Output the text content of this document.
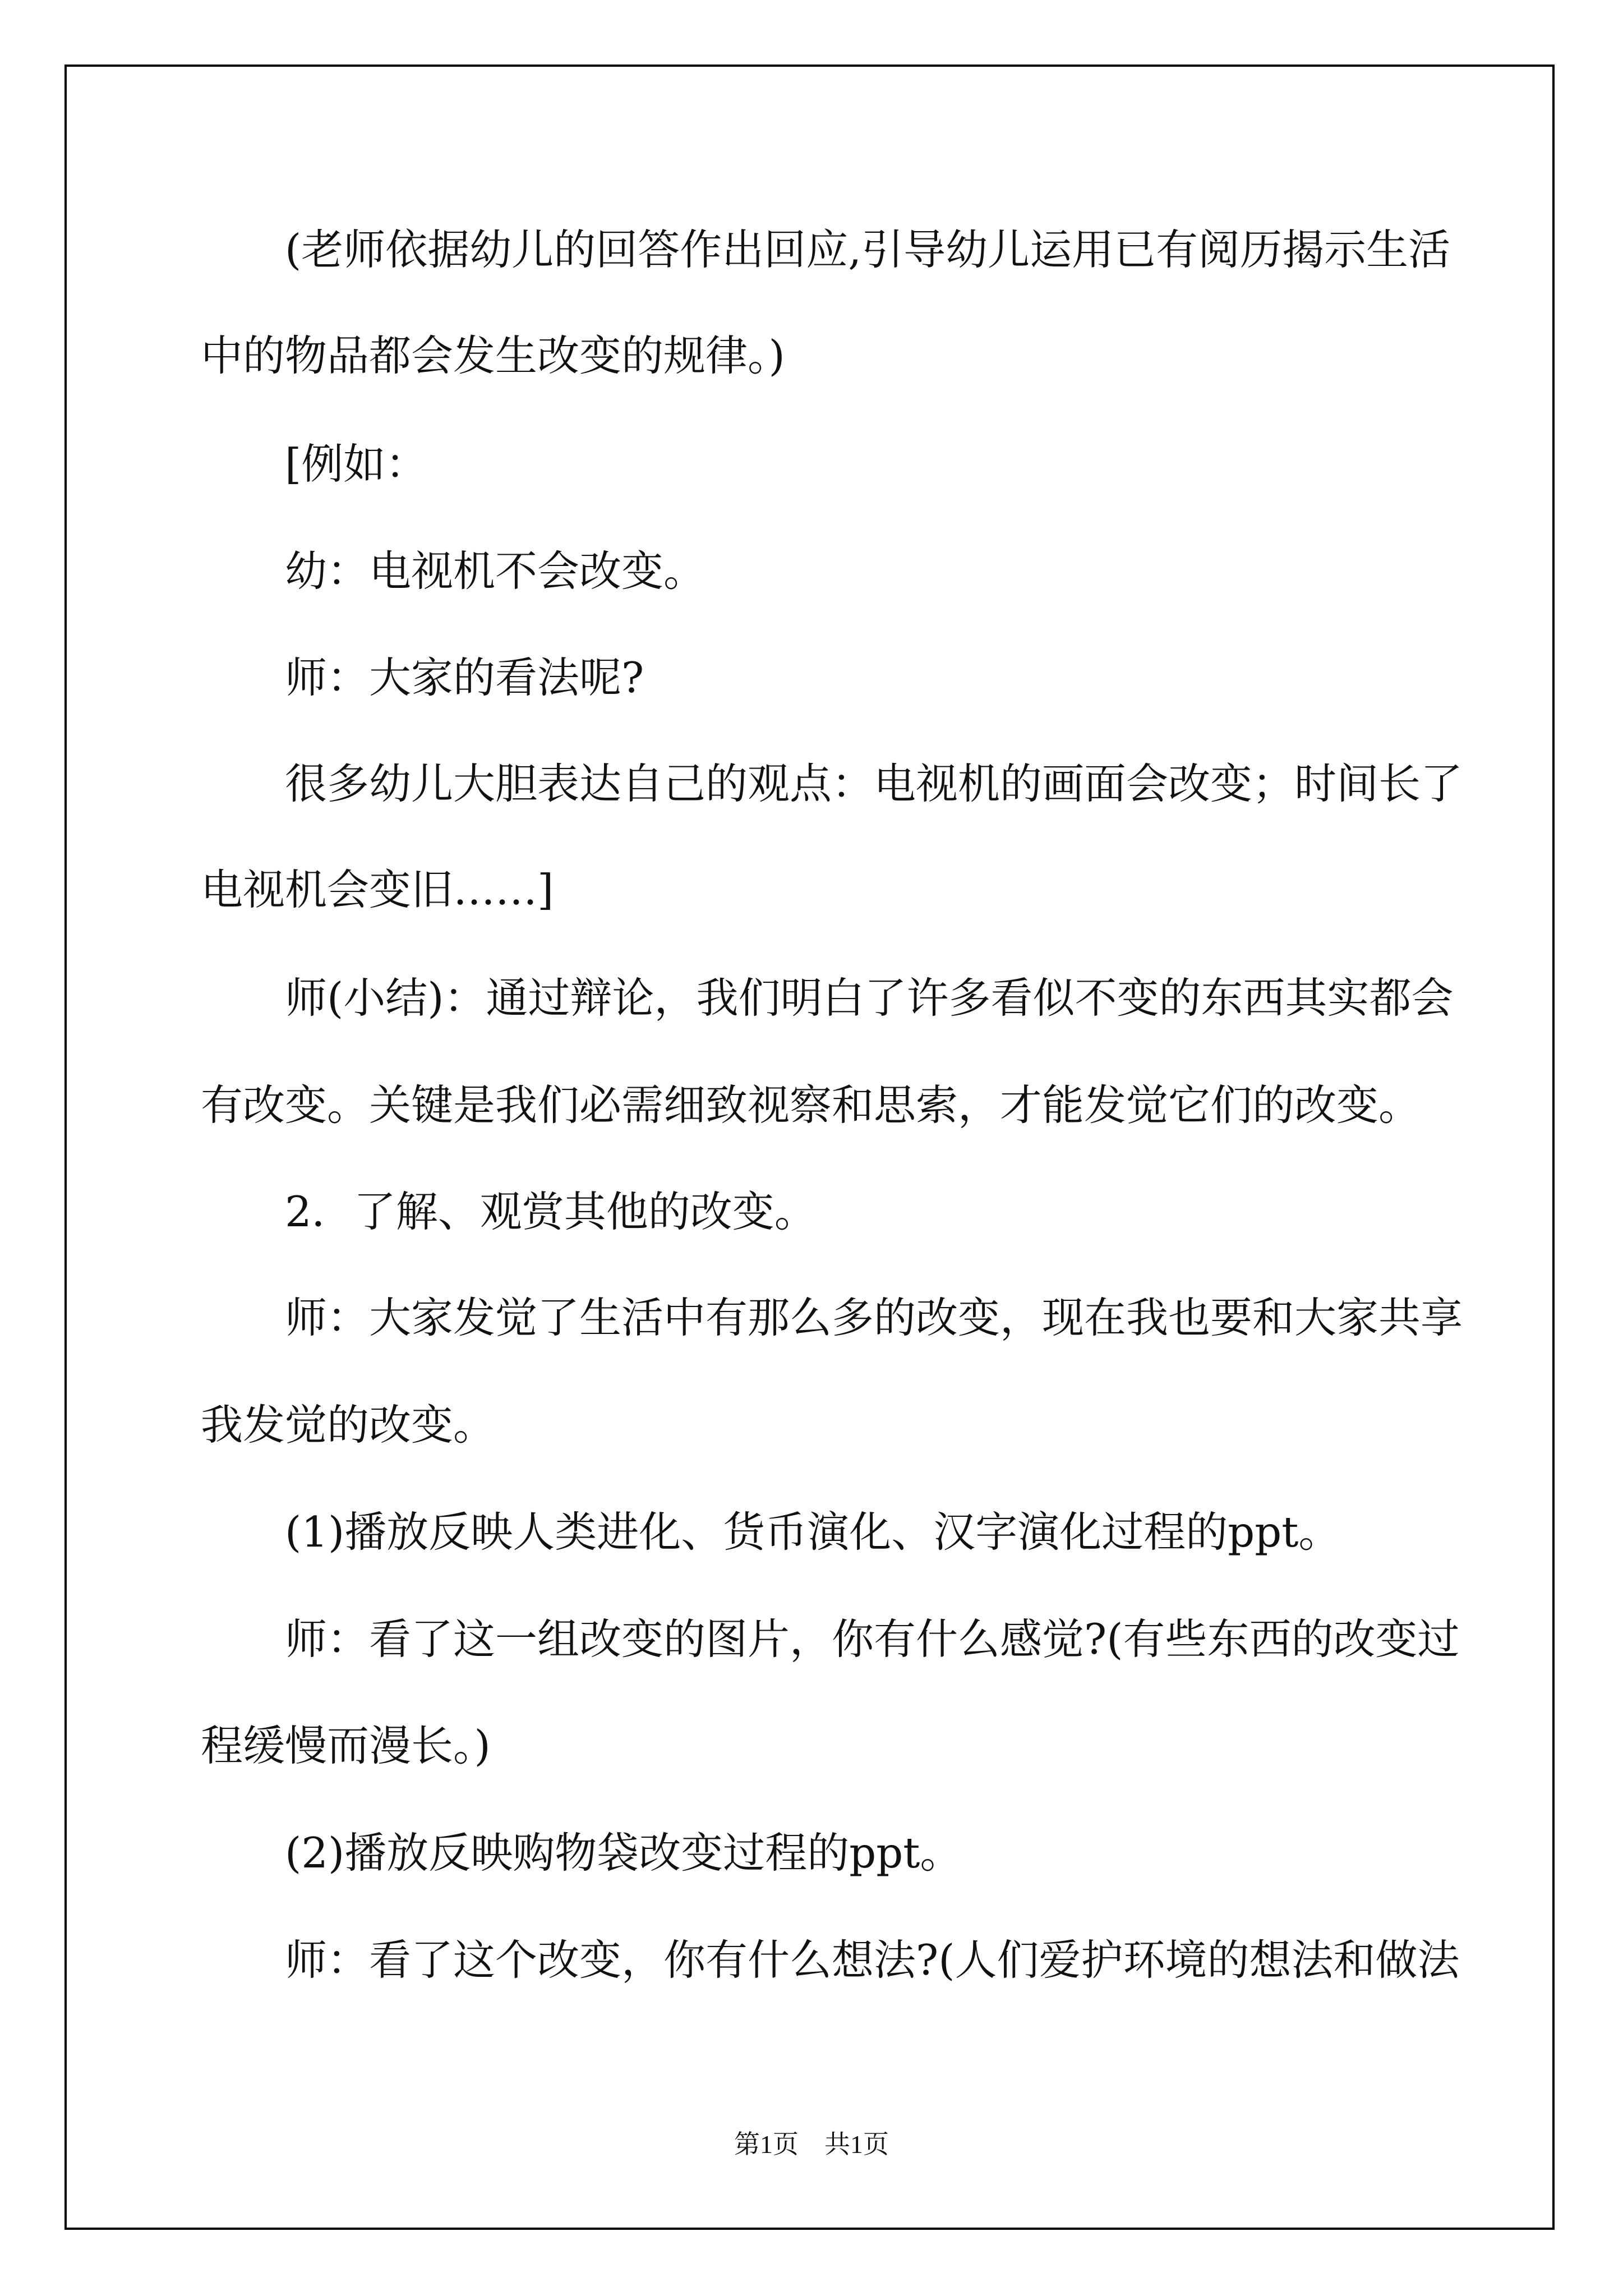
　　(老师依据幼儿的回答作出回应,引导幼儿运用已有阅历揭示生活
中的物品都会发生改变的规律。)
　　[例如：
　　幼：电视机不会改变。
　　师：大家的看法呢?
　　很多幼儿大胆表达自己的观点：电视机的画面会改变；时间长了
电视机会变旧……]
　　师(小结)：通过辩论，我们明白了许多看似不变的东西其实都会
有改变。关键是我们必需细致视察和思索，才能发觉它们的改变。
　　2．了解、观赏其他的改变。
　　师：大家发觉了生活中有那么多的改变，现在我也要和大家共享
我发觉的改变。
　　(1)播放反映人类进化、货币演化、汉字演化过程的ppt。
　　师：看了这一组改变的图片，你有什么感觉?(有些东西的改变过
程缓慢而漫长。)
　　(2)播放反映购物袋改变过程的ppt。
　　师：看了这个改变，你有什么想法?(人们爱护环境的想法和做法
第1页　共1页
